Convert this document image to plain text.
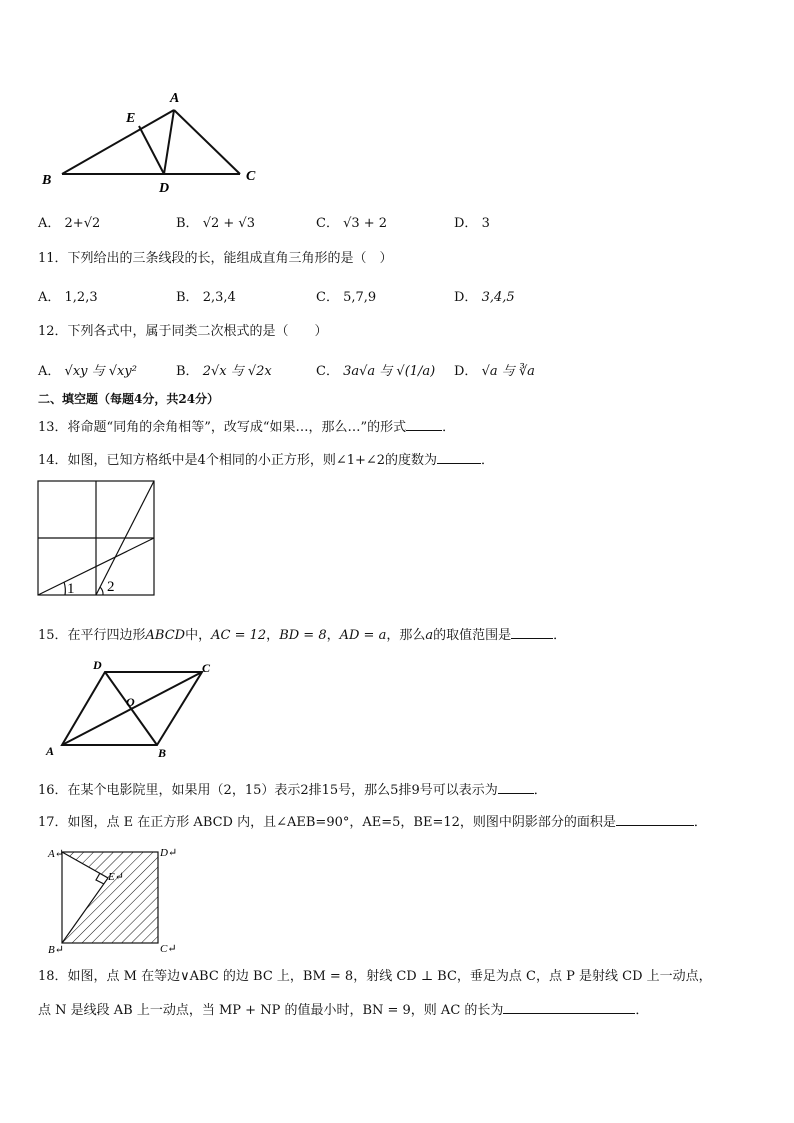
A
E
B
D
C
A． 2+√2	B． √2 + √3	C． √3 + 2	D． 3
11．下列给出的三条线段的长，能组成直角三角形的是（　）
A． 1,2,3	B． 2,3,4	C． 5,7,9	D． 3,4,5
12．下列各式中，属于同类二次根式的是（　　）
A． √xy 与 √xy²	B． 2√x 与 √2x	C． 3a√a 与 √(1/a) D． √a 与 ∛a
二、填空题（每题4分，共24分）
13．将命题“同角的余角相等”，改写成“如果…，那么…”的形式	．
14．如图，已知方格纸中是4个相同的小正方形，则∠1+∠2的度数为	．
1 2
15．在平行四边形ABCD中，AC = 12，BD = 8，AD = a，那么a的取值范围是	．
D	C
O
A	B
16．在某个电影院里，如果用（2，15）表示2排15号，那么5排9号可以表示为	．
17．如图，点 E 在正方形 ABCD 内，且∠AEB=90°，AE=5，BE=12，则图中阴影部分的面积是	．
A↵	D↵
E↵
B↵	C↵
18．如图，点 M 在等边∨ABC 的边 BC 上，BM = 8，射线 CD ⊥ BC，垂足为点 C，点 P 是射线 CD 上一动点，
点 N 是线段 AB 上一动点，当 MP + NP 的值最小时，BN = 9，则 AC 的长为	．
